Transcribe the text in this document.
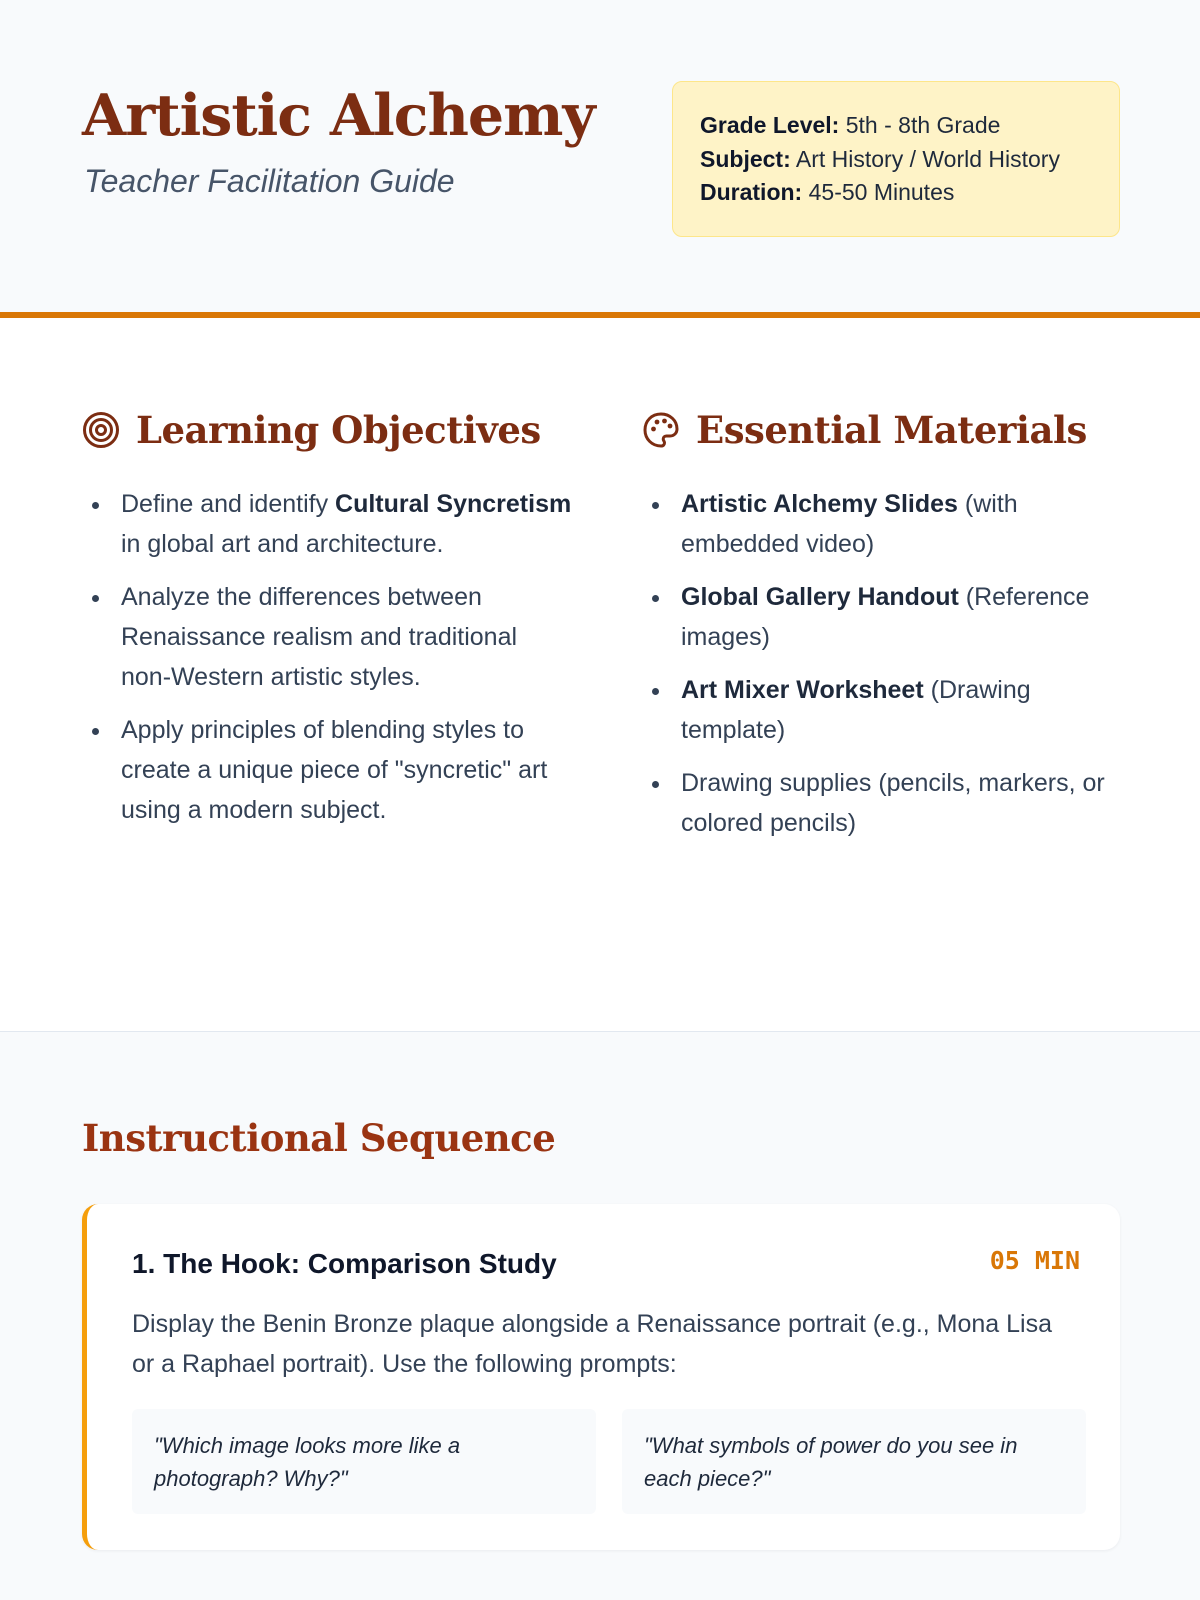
Artistic Alchemy
Teacher Facilitation Guide
Grade Level: 5th - 8th Grade
Subject: Art History / World History
Duration: 45-50 Minutes
Learning Objectives
Define and identify Cultural Syncretism in global art and architecture.
Analyze the differences between Renaissance realism and traditional non-Western artistic styles.
Apply principles of blending styles to create a unique piece of "syncretic" art using a modern subject.
Essential Materials
Artistic Alchemy Slides (with embedded video)
Global Gallery Handout (Reference images)
Art Mixer Worksheet (Drawing template)
Drawing supplies (pencils, markers, or colored pencils)
Instructional Sequence
1. The Hook: Comparison Study	05 MIN
Display the Benin Bronze plaque alongside a Renaissance portrait (e.g., Mona Lisa or a Raphael portrait). Use the following prompts:
"Which image looks more like a photograph? Why?"
"What symbols of power do you see in each piece?"
